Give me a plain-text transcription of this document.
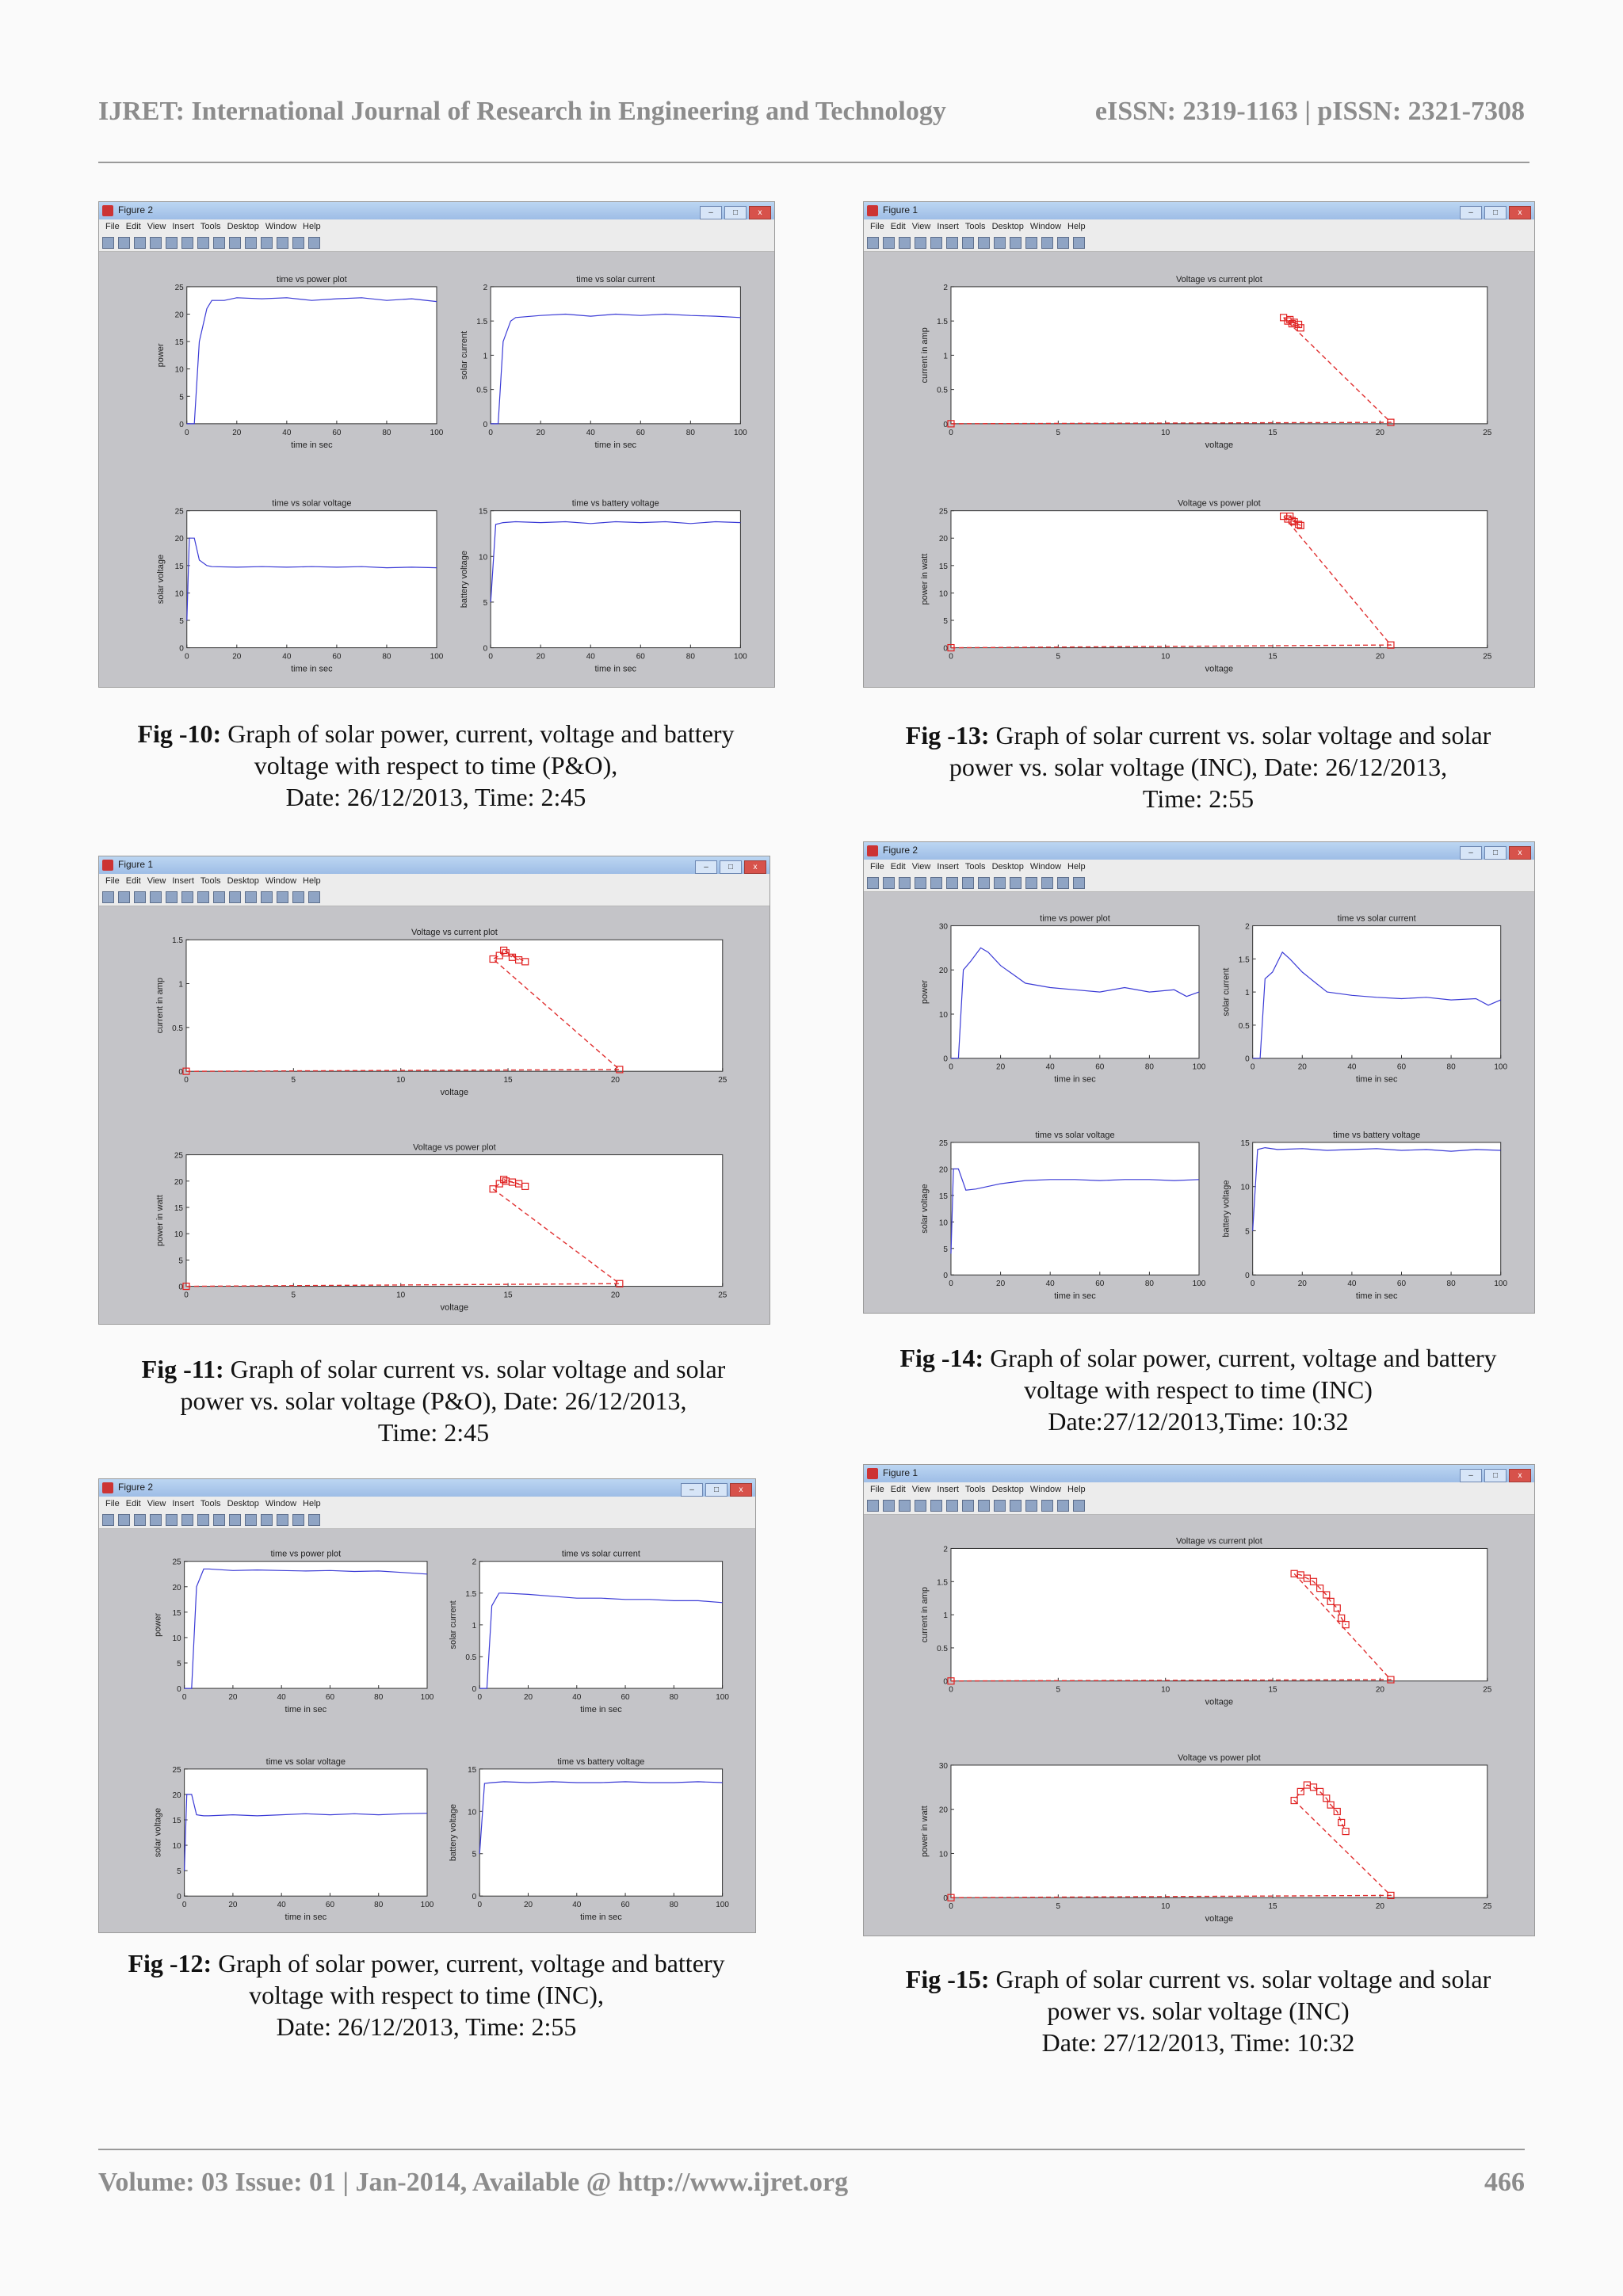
IJRET: International Journal of Research in Engineering and Technology	eISSN: 2319-1163 | pISSN: 2321-7308
Figure 2	–	□	x
File Edit View Insert Tools Desktop Window Help
time vs power plot
time in sec
power
0	20	40	60	80	100
0
5
10
15
20
25
time vs solar current
time in sec
solar current
0	20	40	60	80	100
0
0.5
1
1.5
2
time vs solar voltage
time in sec
solar voltage
0	20	40	60	80	100
0
5
10
15
20
25
time vs battery voltage
time in sec
battery voltage
0	20	40	60	80	100
0
5
10
15
Fig -10: Graph of solar power, current, voltage and battery
voltage with respect to time (P&O),
Date: 26/12/2013, Time: 2:45
Figure 1	–	□	x
File Edit View Insert Tools Desktop Window Help
Voltage vs current plot
voltage
current in amp
0	5	10	15	20	25
0
0.5
1
1.5
2
Voltage vs power plot
voltage
power in watt
0	5	10	15	20	25
0
5
10
15
20
25
Fig -13: Graph of solar current vs. solar voltage and solar
power vs. solar voltage (INC), Date: 26/12/2013,
Time: 2:55
Figure 1	–	□	x
File Edit View Insert Tools Desktop Window Help
Voltage vs current plot
voltage
current in amp
0	5	10	15	20	25
0
0.5
1
1.5
Voltage vs power plot
voltage
power in watt
0	5	10	15	20	25
0
5
10
15
20
25
Fig -11: Graph of solar current vs. solar voltage and solar
power vs. solar voltage (P&O), Date: 26/12/2013,
Time: 2:45
Figure 2	–	□	x
File Edit View Insert Tools Desktop Window Help
time vs power plot
time in sec
power
0	20	40	60	80	100
0
10
20
30
time vs solar current
time in sec
solar current
0	20	40	60	80	100
0
0.5
1
1.5
2
time vs solar voltage
time in sec
solar voltage
0	20	40	60	80	100
0
5
10
15
20
25
time vs battery voltage
time in sec
battery voltage
0	20	40	60	80	100
0
5
10
15
Fig -14: Graph of solar power, current, voltage and battery
voltage with respect to time (INC)
Date:27/12/2013,Time: 10:32
Figure 2	–	□	x
File Edit View Insert Tools Desktop Window Help
time vs power plot
time in sec
power
0	20	40	60	80	100
0
5
10
15
20
25
time vs solar current
time in sec
solar current
0	20	40	60	80	100
0
0.5
1
1.5
2
time vs solar voltage
time in sec
solar voltage
0	20	40	60	80	100
0
5
10
15
20
25
time vs battery voltage
time in sec
battery voltage
0	20	40	60	80	100
0
5
10
15
Fig -12: Graph of solar power, current, voltage and battery
voltage with respect to time (INC),
Date: 26/12/2013, Time: 2:55
Figure 1	–	□	x
File Edit View Insert Tools Desktop Window Help
Voltage vs current plot
voltage
current in amp
0	5	10	15	20	25
0
0.5
1
1.5
2
Voltage vs power plot
voltage
power in watt
0	5	10	15	20	25
0
10
20
30
Fig -15: Graph of solar current vs. solar voltage and solar
power vs. solar voltage (INC)
Date: 27/12/2013, Time: 10:32
Volume: 03 Issue: 01 | Jan-2014, Available @ http://www.ijret.org	466
